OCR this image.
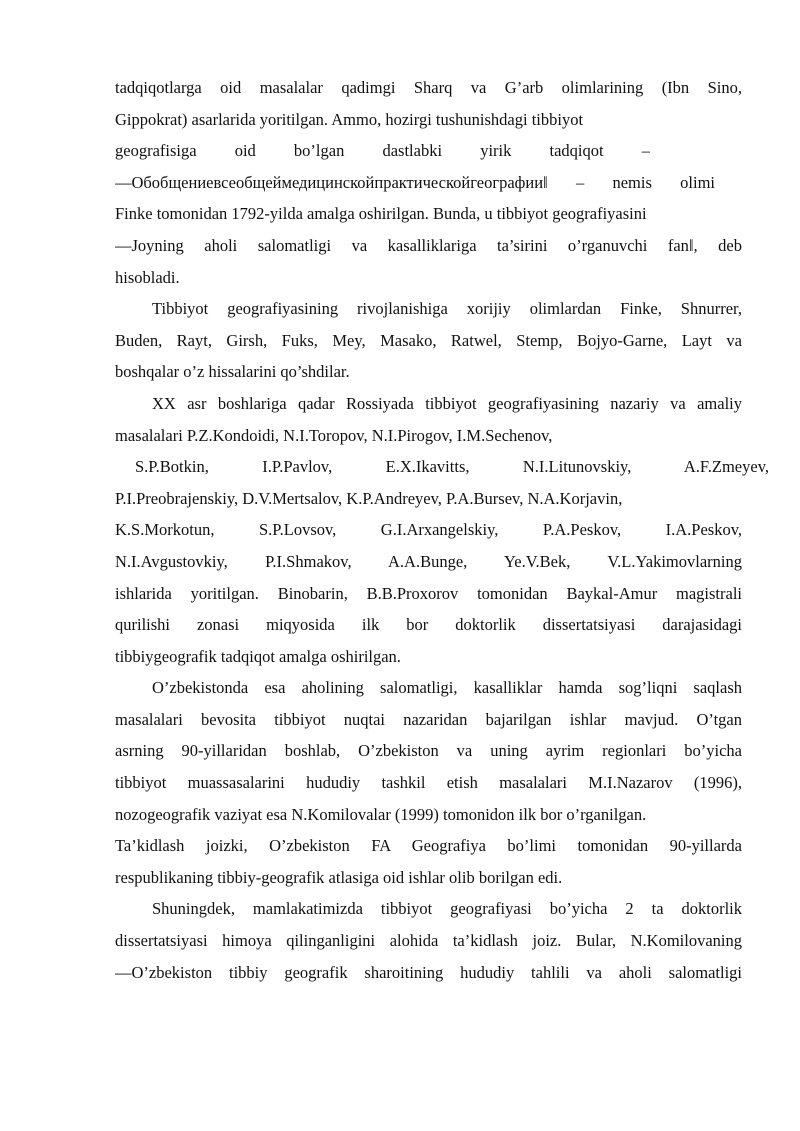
tadqiqotlarga oid masalalar qadimgi Sharq va G’arb olimlarining (Ibn Sino,
Gippokrat) asarlarida yoritilgan. Ammo, hozirgi tushunishdagi tibbiyot
geografisiga oid bo’lgan dastlabki yirik tadqiqot –
―Обобщениевсеобщеймедицинскойпрактическойгеографии‖ – nemis olimi
Finke tomonidan 1792-yilda amalga oshirilgan. Bunda, u tibbiyot geografiyasini
―Joyning aholi salomatligi va kasalliklariga ta’sirini o’rganuvchi fan‖, deb
hisobladi.
Tibbiyot geografiyasining rivojlanishiga xorijiy olimlardan Finke, Shnurrer,
Buden, Rayt, Girsh, Fuks, Mey, Masako, Ratwel, Stemp, Bojyo-Garne, Layt va
boshqalar o’z hissalarini qo’shdilar.
XX asr boshlariga qadar Rossiyada tibbiyot geografiyasining nazariy va amaliy
masalalari P.Z.Kondoidi, N.I.Toropov, N.I.Pirogov, I.M.Sechenov,
S.P.Botkin, I.P.Pavlov, E.X.Ikavitts, N.I.Litunovskiy, A.F.Zmeyev,
P.I.Preobrajenskiy, D.V.Mertsalov, K.P.Andreyev, P.A.Bursev, N.A.Korjavin,
K.S.Morkotun, S.P.Lovsov, G.I.Arxangelskiy, P.A.Peskov, I.A.Peskov,
N.I.Avgustovkiy, P.I.Shmakov, A.A.Bunge, Ye.V.Bek, V.L.Yakimovlarning
ishlarida yoritilgan. Binobarin, B.B.Proxorov tomonidan Baykal-Amur magistrali
qurilishi zonasi miqyosida ilk bor doktorlik dissertatsiyasi darajasidagi
tibbiygeografik tadqiqot amalga oshirilgan.
O’zbekistonda esa aholining salomatligi, kasalliklar hamda sog’liqni saqlash
masalalari bevosita tibbiyot nuqtai nazaridan bajarilgan ishlar mavjud. O’tgan
asrning 90-yillaridan boshlab, O’zbekiston va uning ayrim regionlari bo’yicha
tibbiyot muassasalarini hududiy tashkil etish masalalari M.I.Nazarov (1996),
nozogeografik vaziyat esa N.Komilovalar (1999) tomonidon ilk bor o’rganilgan.
Ta’kidlash joizki, O’zbekiston FA Geografiya bo’limi tomonidan 90-yillarda
respublikaning tibbiy-geografik atlasiga oid ishlar olib borilgan edi.
Shuningdek, mamlakatimizda tibbiyot geografiyasi bo’yicha 2 ta doktorlik
dissertatsiyasi himoya qilinganligini alohida ta’kidlash joiz. Bular, N.Komilovaning
―O’zbekiston tibbiy geografik sharoitining hududiy tahlili va aholi salomatligi
